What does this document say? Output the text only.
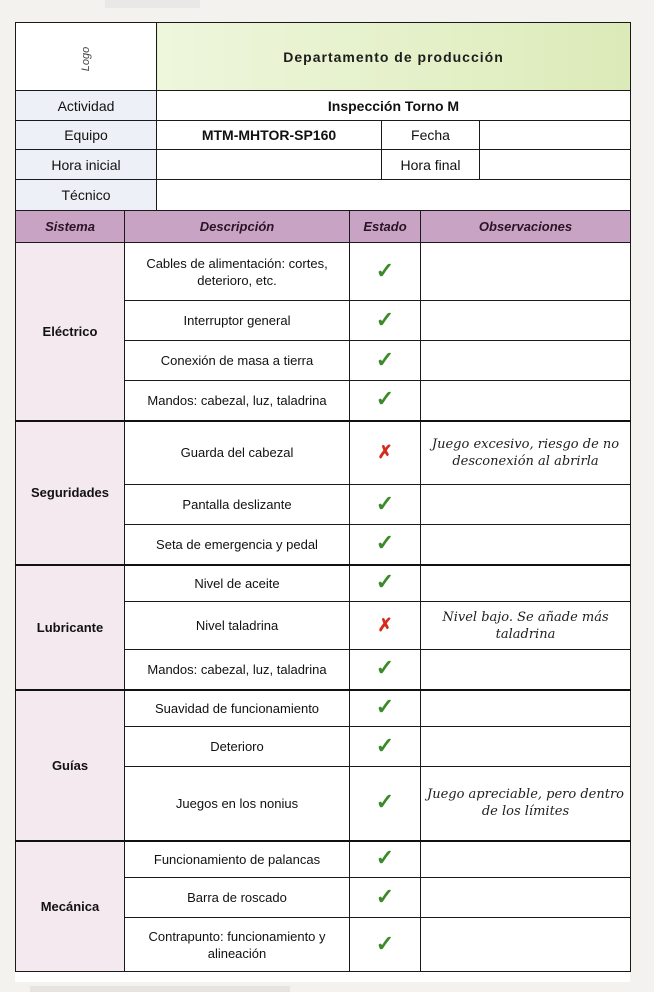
Logo	Departamento de producción		
Actividad	Inspección Torno M		
Equipo	MTM-MHTOR-SP160	Fecha	
Hora inicial		Hora final	
Técnico			
Sistema	Descripción	Estado	Observaciones
Eléctrico	Cables de alimentación: cortes, deterioro, etc.	✓	
	Interruptor general	✓	
	Conexión de masa a tierra	✓	
	Mandos: cabezal, luz, taladrina	✓	
Seguridades	Guarda del cabezal	✗	Juego excesivo, riesgo de no desconexión al abrirla
	Pantalla deslizante	✓	
	Seta de emergencia y pedal	✓	
Lubricante	Nivel de aceite	✓	
	Nivel taladrina	✗	Nivel bajo. Se añade más taladrina
	Mandos: cabezal, luz, taladrina	✓	
Guías	Suavidad de funcionamiento	✓	
	Deterioro	✓	
	Juegos en los nonius	✓	Juego apreciable, pero dentro de los límites
Mecánica	Funcionamiento de palancas	✓	
	Barra de roscado	✓	
	Contrapunto: funcionamiento y alineación	✓	
